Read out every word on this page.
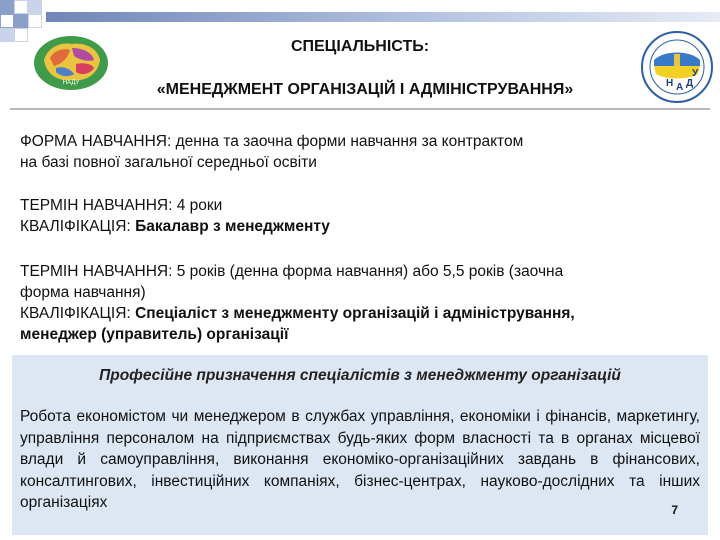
НАДУ	Н А Д
У
СПЕЦІАЛЬНІСТЬ:
«МЕНЕДЖМЕНТ ОРГАНІЗАЦІЙ І АДМІНІСТРУВАННЯ»
ФОРМА НАВЧАННЯ: денна та заочна форми навчання за контрактом
на базі повної загальної середньої освіти
ТЕРМІН НАВЧАННЯ: 4 роки
КВАЛІФІКАЦІЯ: Бакалавр з менеджменту
ТЕРМІН НАВЧАННЯ: 5 років (денна форма навчання) або 5,5 років (заочна
форма навчання)
КВАЛІФІКАЦІЯ: Спеціаліст з менеджменту організацій і адміністрування,
менеджер (управитель) організації
Професійне призначення спеціалістів з менеджменту організацій
Робота економістом чи менеджером в службах управління, економіки і фінансів, маркетингу, управління персоналом на підприємствах будь-яких форм власності та в органах місцевої влади й самоуправління, виконання економіко-організаційних завдань в фінансових, консалтингових, інвестиційних компаніях, бізнес-центрах, науково-дослідних та інших організаціях	7
